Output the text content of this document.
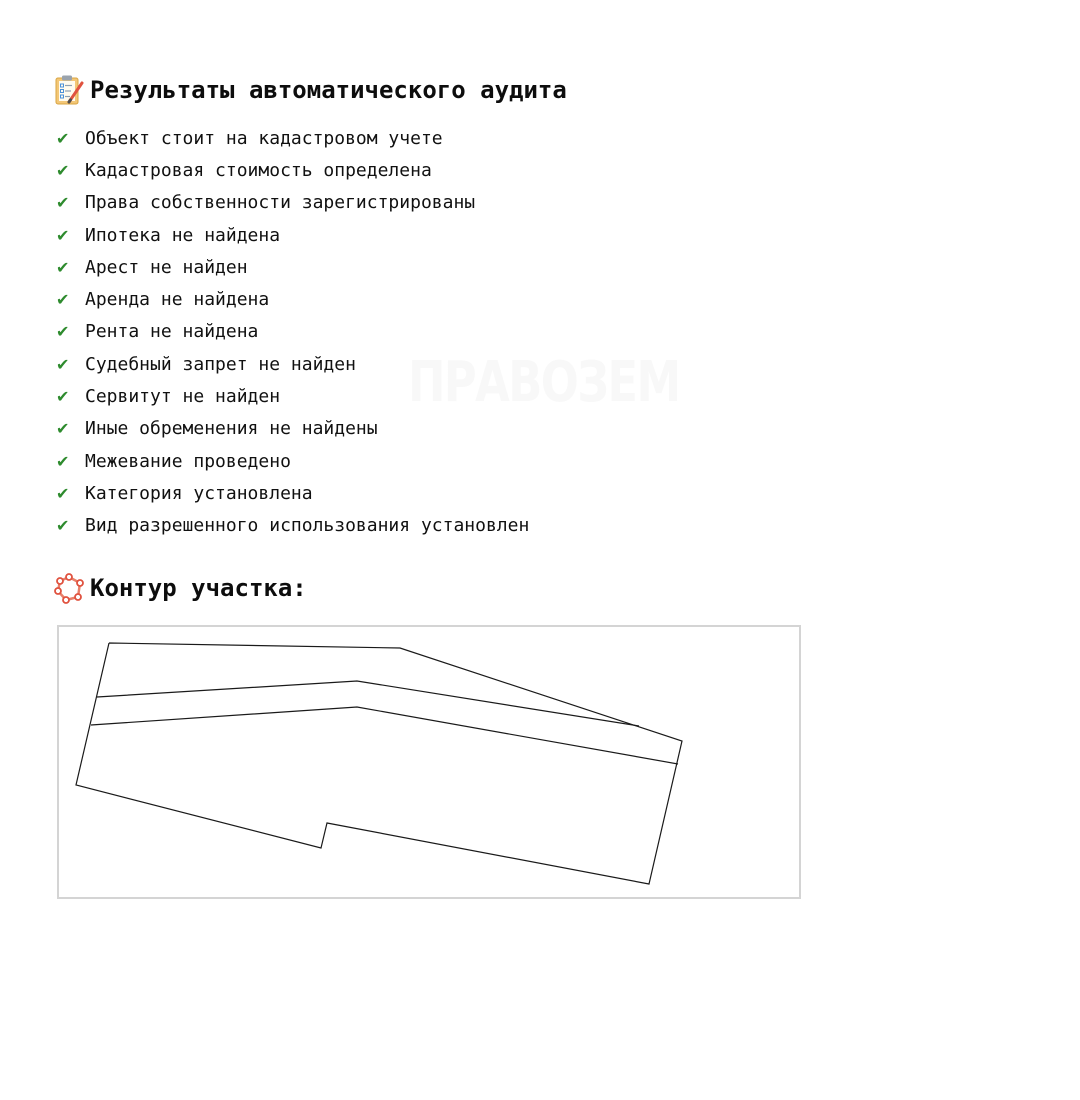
Результаты автоматического аудита
✔ Объект стоит на кадастровом учете
✔ Кадастровая стоимость определена
✔ Права собственности зарегистрированы
✔ Ипотека не найдена
✔ Арест не найден
✔ Аренда не найдена
✔ Рента не найдена
✔ Судебный запрет не найден
✔ Сервитут не найден
✔ Иные обременения не найдены
✔ Межевание проведено
✔ Категория установлена
✔ Вид разрешенного использования установлен
ПРАВОЗЕМ
Контур участка:
